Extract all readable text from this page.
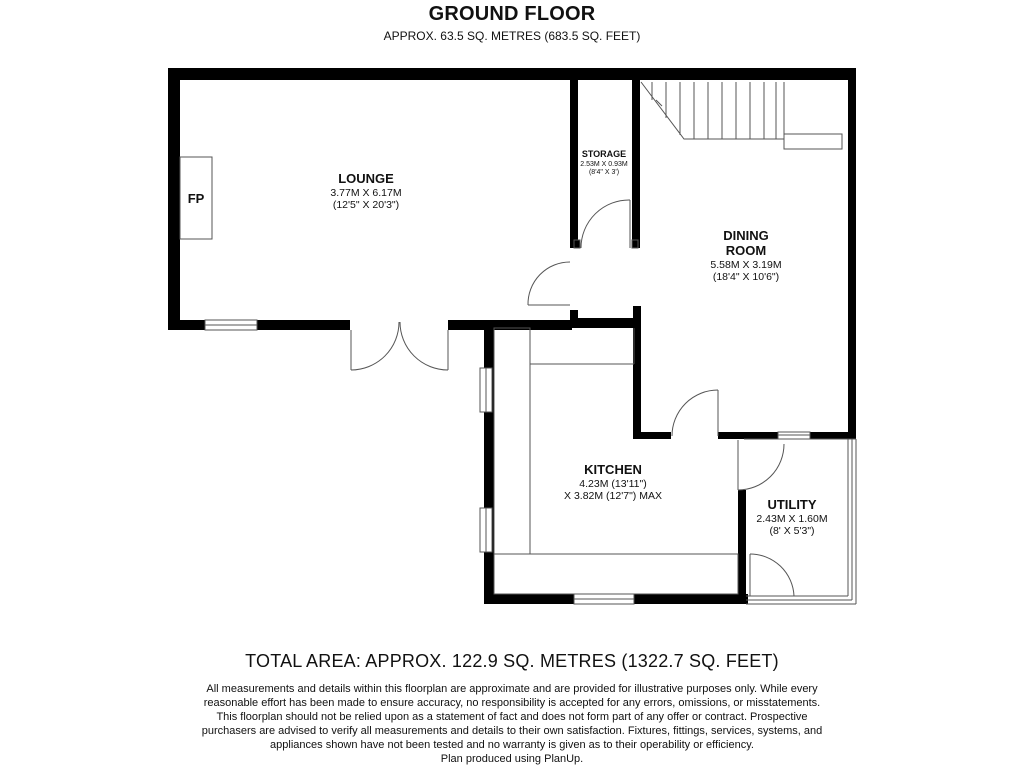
GROUND FLOOR
APPROX. 63.5 SQ. METRES (683.5 SQ. FEET)
LOUNGE
3.77M X 6.17M
(12'5" X 20'3")
FP
STORAGE
2.53M X 0.93M
(8'4" X 3')
DINING
ROOM
5.58M X 3.19M
(18'4" X 10'6")
KITCHEN
4.23M (13'11")
X 3.82M (12'7") MAX
UTILITY
2.43M X 1.60M
(8' X 5'3")
TOTAL AREA: APPROX. 122.9 SQ. METRES (1322.7 SQ. FEET)
All measurements and details within this floorplan are approximate and are provided for illustrative purposes only. While every
reasonable effort has been made to ensure accuracy, no responsibility is accepted for any errors, omissions, or misstatements.
This floorplan should not be relied upon as a statement of fact and does not form part of any offer or contract. Prospective
purchasers are advised to verify all measurements and details to their own satisfaction. Fixtures, fittings, services, systems, and
appliances shown have not been tested and no warranty is given as to their operability or efficiency.
Plan produced using PlanUp.
